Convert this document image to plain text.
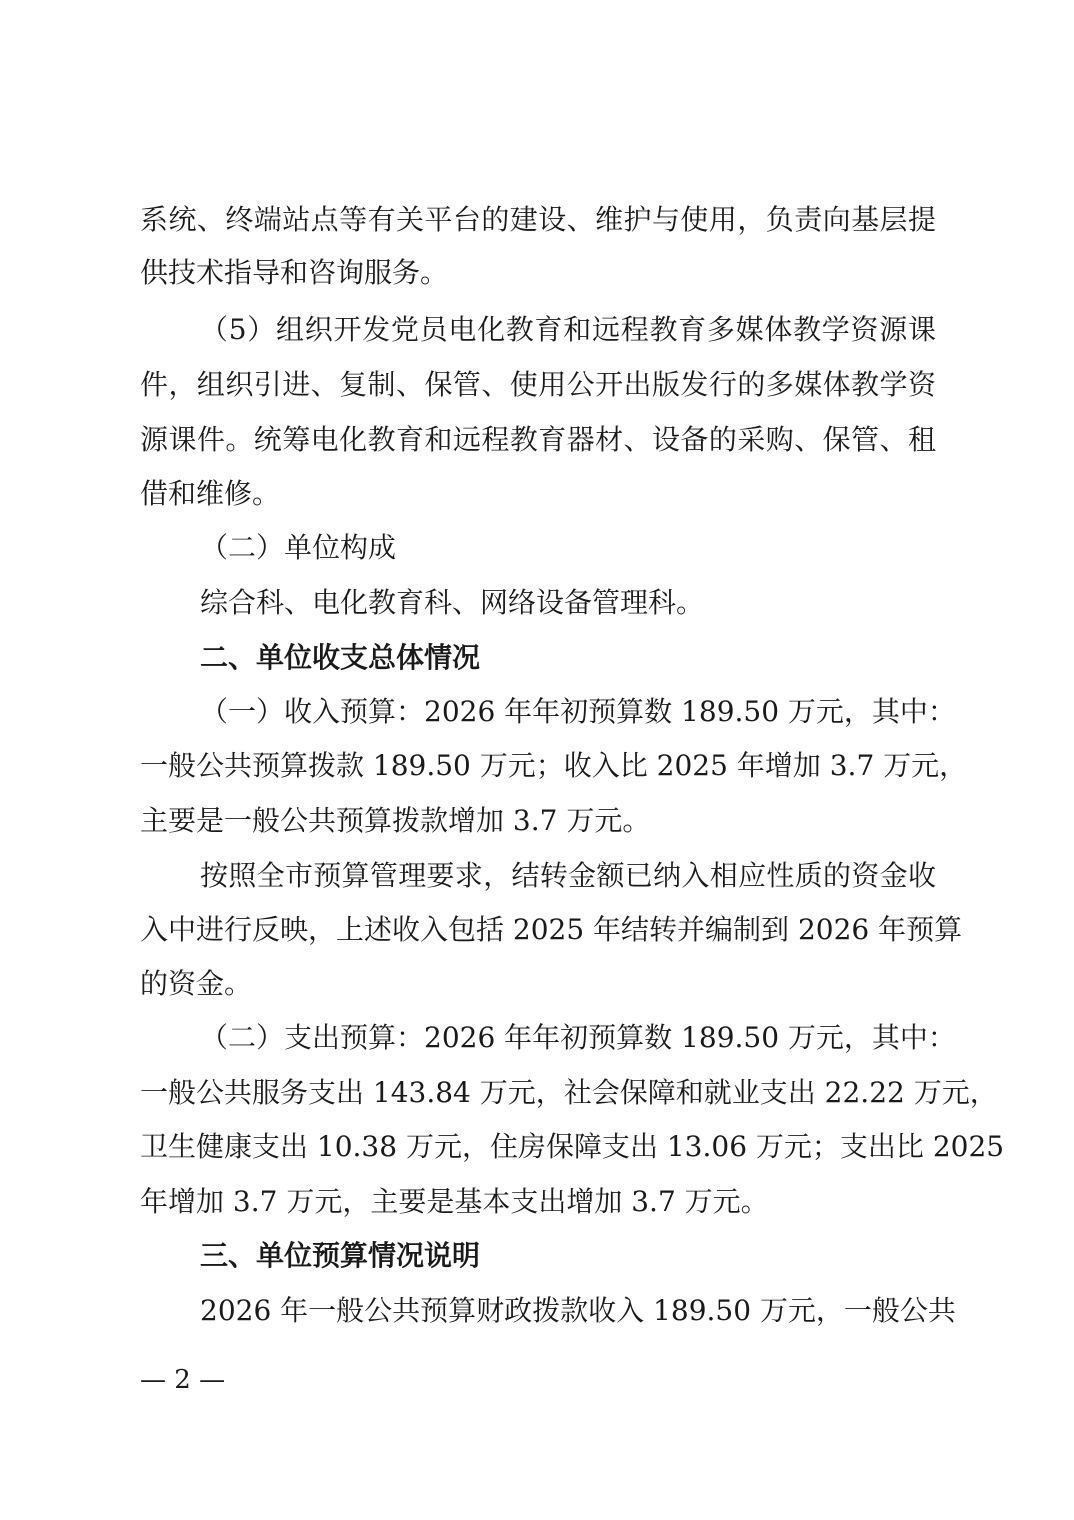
系统、终端站点等有关平台的建设、维护与使用，负责向基层提
供技术指导和咨询服务。
（5）组织开发党员电化教育和远程教育多媒体教学资源课
件，组织引进、复制、保管、使用公开出版发行的多媒体教学资
源课件。统筹电化教育和远程教育器材、设备的采购、保管、租
借和维修。
（二）单位构成
综合科、电化教育科、网络设备管理科。
二、单位收支总体情况
（一）收入预算：2026 年年初预算数 189.50 万元，其中：
一般公共预算拨款 189.50 万元；收入比 2025 年增加 3.7 万元，
主要是一般公共预算拨款增加 3.7 万元。
按照全市预算管理要求，结转金额已纳入相应性质的资金收
入中进行反映，上述收入包括 2025 年结转并编制到 2026 年预算
的资金。
（二）支出预算：2026 年年初预算数 189.50 万元，其中：
一般公共服务支出 143.84 万元，社会保障和就业支出 22.22 万元，
卫生健康支出 10.38 万元，住房保障支出 13.06 万元；支出比 2025
年增加 3.7 万元，主要是基本支出增加 3.7 万元。
三、单位预算情况说明
2026 年一般公共预算财政拨款收入 189.50 万元，一般公共
— 2 —
